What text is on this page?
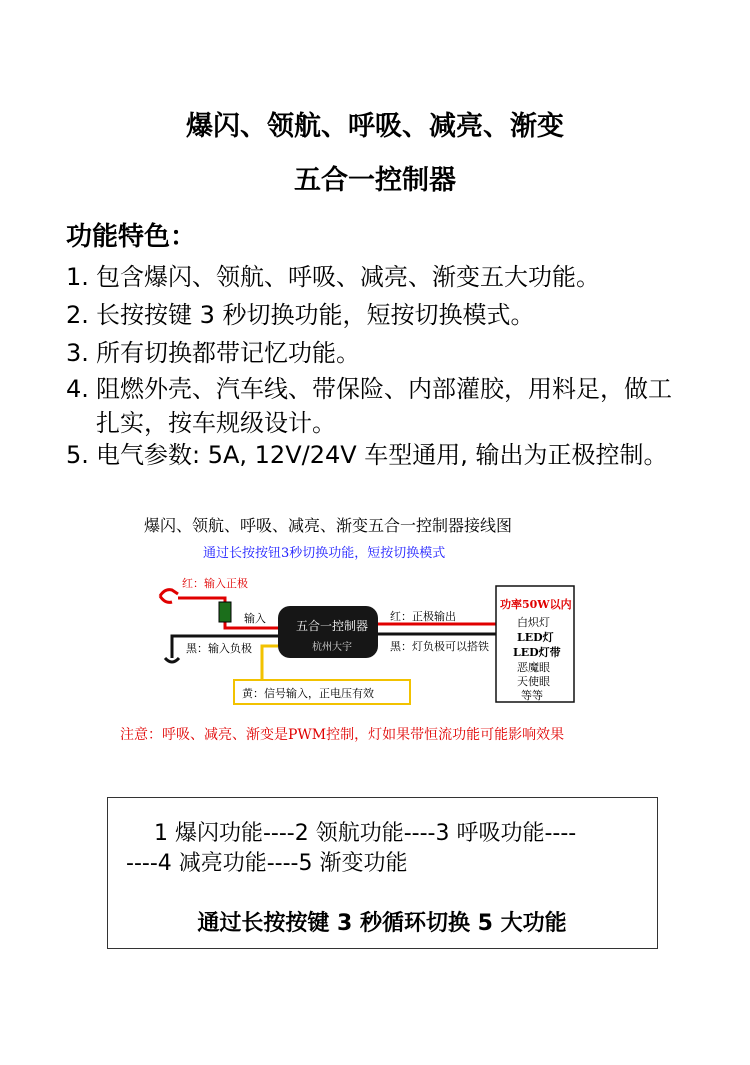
爆闪、领航、呼吸、减亮、渐变
五合一控制器
功能特色：
1. 包含爆闪、领航、呼吸、减亮、渐变五大功能。
2. 长按按键 3 秒切换功能，短按切换模式。
3. 所有切换都带记忆功能。
4. 阻燃外壳、汽车线、带保险、内部灌胶，用料足，做工
扎实，按车规级设计。
5. 电气参数: 5A, 12V/24V 车型通用, 输出为正极控制。
爆闪、领航、呼吸、减亮、渐变五合一控制器接线图
通过长按按钮3秒切换功能，短按切换模式
红：输入正极
输入
黑：输入负极
黄：信号输入，正电压有效
五合一控制器
杭州大宇
红：正极输出
黑：灯负极可以搭铁
功率50W以内
白炽灯
LED灯
LED灯带
恶魔眼
天使眼
等等
注意：呼吸、减亮、渐变是PWM控制，灯如果带恒流功能可能影响效果
1 爆闪功能----2 领航功能----3 呼吸功能----
----4 减亮功能----5 渐变功能
通过长按按键 3 秒循环切换 5 大功能
